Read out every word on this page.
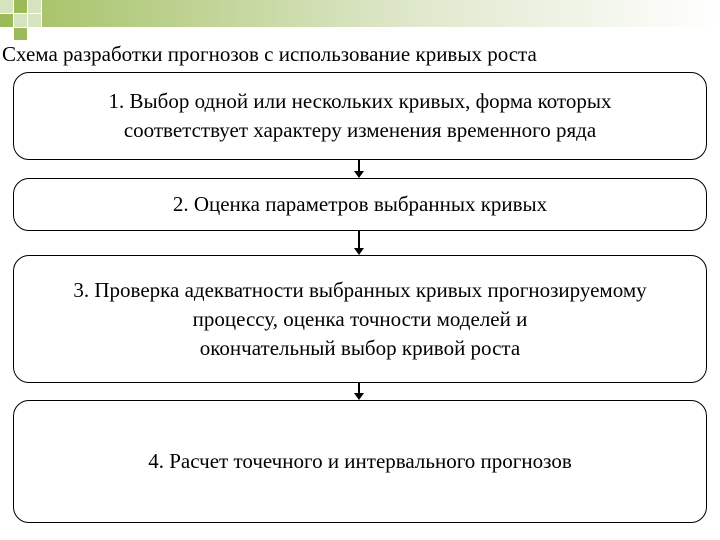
Схема разработки прогнозов с использование кривых роста
1. Выбор одной или нескольких кривых, форма которых
соответствует характеру изменения временного ряда
2. Оценка параметров выбранных кривых
3. Проверка адекватности выбранных кривых прогнозируемому
процессу, оценка точности моделей и
окончательный выбор кривой роста
4. Расчет точечного и интервального прогнозов
